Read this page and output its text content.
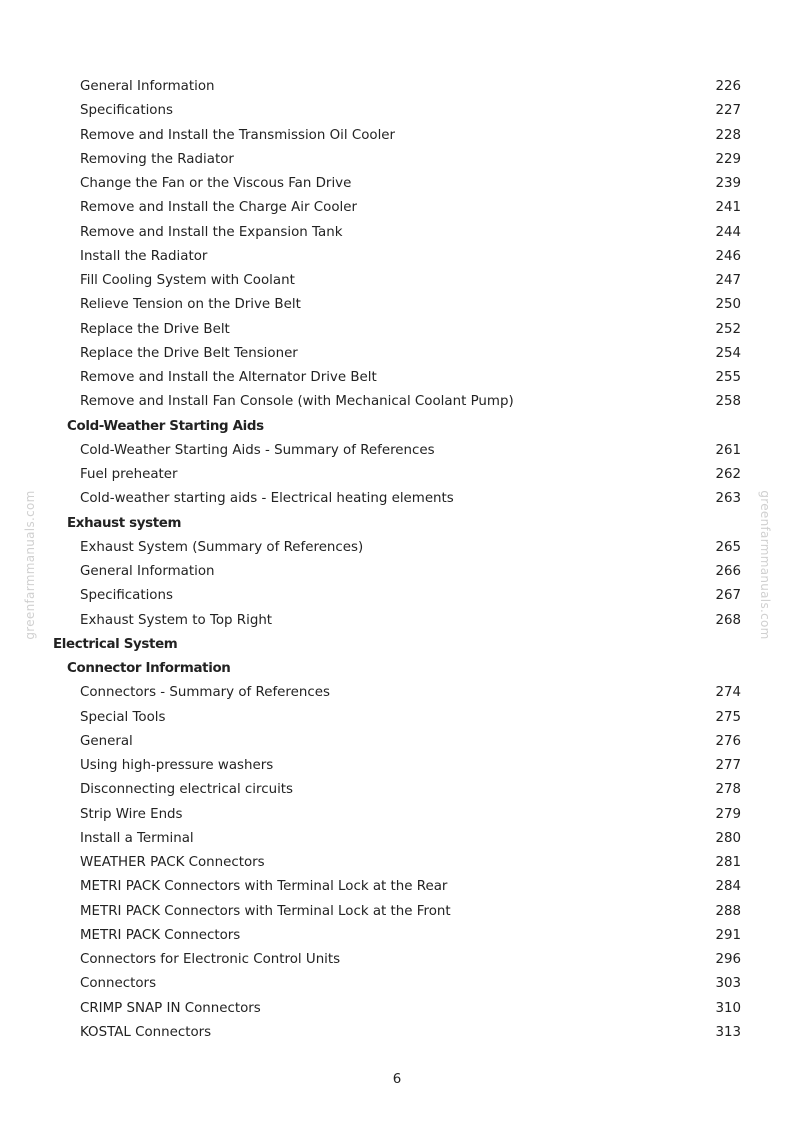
General Information	226
Specifications	227
Remove and Install the Transmission Oil Cooler	228
Removing the Radiator	229
Change the Fan or the Viscous Fan Drive	239
Remove and Install the Charge Air Cooler	241
Remove and Install the Expansion Tank	244
Install the Radiator	246
Fill Cooling System with Coolant	247
Relieve Tension on the Drive Belt	250
Replace the Drive Belt	252
Replace the Drive Belt Tensioner	254
Remove and Install the Alternator Drive Belt	255
Remove and Install Fan Console (with Mechanical Coolant Pump)	258
Cold-Weather Starting Aids
Cold-Weather Starting Aids - Summary of References	261
Fuel preheater	262
Cold-weather starting aids - Electrical heating elements	263
Exhaust system
Exhaust System (Summary of References)	265
General Information	266
Specifications	267
Exhaust System to Top Right	268
Electrical System
Connector Information
Connectors - Summary of References	274
Special Tools	275
General	276
Using high-pressure washers	277
Disconnecting electrical circuits	278
Strip Wire Ends	279
Install a Terminal	280
WEATHER PACK Connectors	281
METRI PACK Connectors with Terminal Lock at the Rear	284
METRI PACK Connectors with Terminal Lock at the Front	288
METRI PACK Connectors	291
Connectors for Electronic Control Units	296
Connectors	303
CRIMP SNAP IN Connectors	310
KOSTAL Connectors	313
greenfarmmanuals.com	greenfarmmanuals.com
6
